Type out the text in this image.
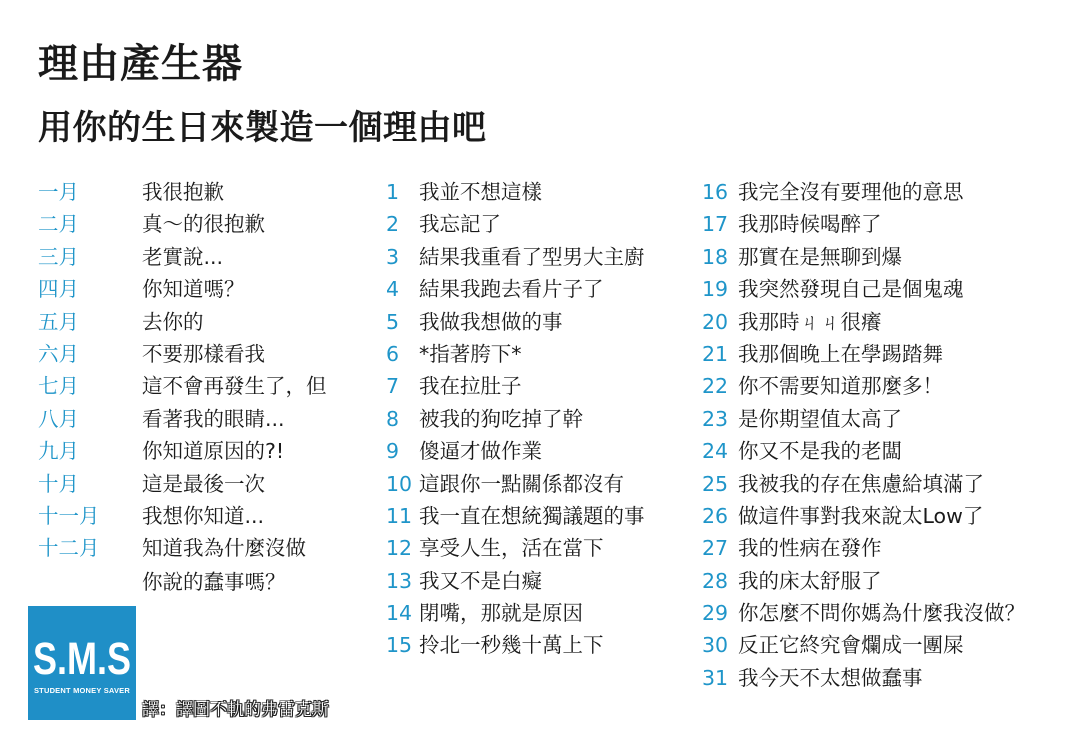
理由產生器
用你的生日來製造一個理由吧
一月	我很抱歉
二月	真～的很抱歉
三月	老實說...
四月	你知道嗎？
五月	去你的
六月	不要那樣看我
七月	這不會再發生了，但
八月	看著我的眼睛...
九月	你知道原因的?!
十月	這是最後一次
十一月 我想你知道...
十二月 知道我為什麼沒做
你說的蠢事嗎？
1 我並不想這樣
2 我忘記了
3 結果我重看了型男大主廚
4 結果我跑去看片子了
5 我做我想做的事
6 *指著胯下*
7 我在拉肚子
8 被我的狗吃掉了幹
9 傻逼才做作業
10 這跟你一點關係都沒有
11 我一直在想統獨議題的事
12 享受人生，活在當下
13 我又不是白癡
14 閉嘴，那就是原因
15 拎北一秒幾十萬上下
16 我完全沒有要理他的意思
17 我那時候喝醉了
18 那實在是無聊到爆
19 我突然發現自己是個鬼魂
20 我那時ㄐㄐ很癢
21 我那個晚上在學踢踏舞
22 你不需要知道那麼多！
23 是你期望值太高了
24 你又不是我的老闆
25 我被我的存在焦慮給填滿了
26 做這件事對我來說太Low了
27 我的性病在發作
28 我的床太舒服了
29 你怎麼不問你媽為什麼我沒做？
30 反正它終究會爛成一團屎
31 我今天不太想做蠢事
S.M.S
STUDENT MONEY SAVER
譯：譯圖不軌的弗雷克斯
